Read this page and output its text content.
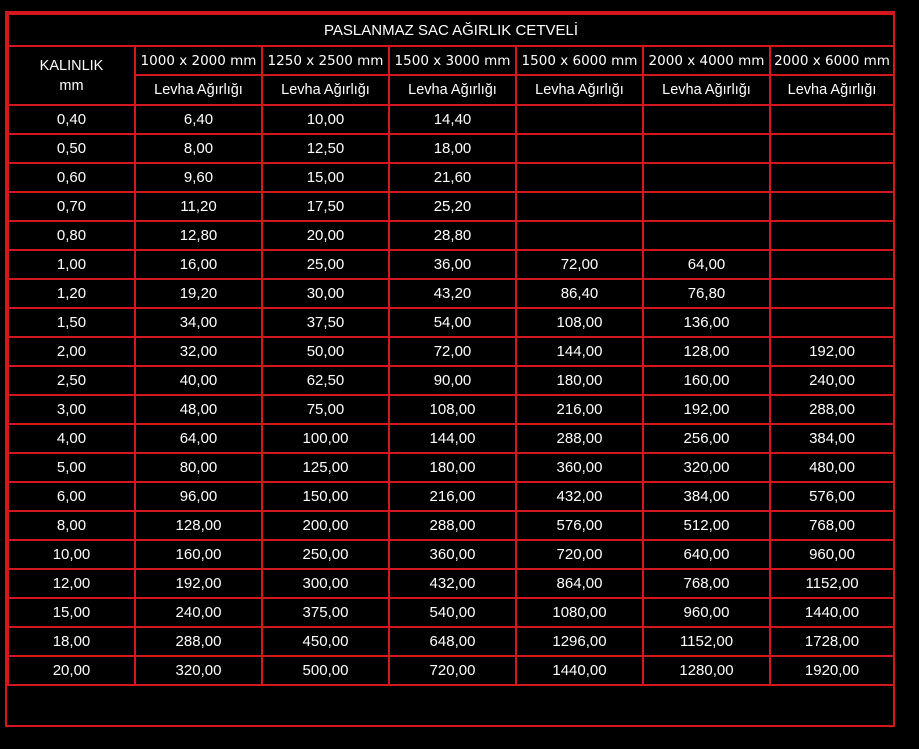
PASLANMAZ SAC AĞIRLIK CETVELİ						
KALINLIK
mm	1000 x 2000 mm	1250 x 2500 mm	1500 x 3000 mm	1500 x 6000 mm	2000 x 4000 mm	2000 x 6000 mm
	Levha Ağırlığı	Levha Ağırlığı	Levha Ağırlığı	Levha Ağırlığı	Levha Ağırlığı	Levha Ağırlığı
0,40	6,40	10,00	14,40			
0,50	8,00	12,50	18,00			
0,60	9,60	15,00	21,60			
0,70	11,20	17,50	25,20			
0,80	12,80	20,00	28,80			
1,00	16,00	25,00	36,00	72,00	64,00	
1,20	19,20	30,00	43,20	86,40	76,80	
1,50	34,00	37,50	54,00	108,00	136,00	
2,00	32,00	50,00	72,00	144,00	128,00	192,00
2,50	40,00	62,50	90,00	180,00	160,00	240,00
3,00	48,00	75,00	108,00	216,00	192,00	288,00
4,00	64,00	100,00	144,00	288,00	256,00	384,00
5,00	80,00	125,00	180,00	360,00	320,00	480,00
6,00	96,00	150,00	216,00	432,00	384,00	576,00
8,00	128,00	200,00	288,00	576,00	512,00	768,00
10,00	160,00	250,00	360,00	720,00	640,00	960,00
12,00	192,00	300,00	432,00	864,00	768,00	1152,00
15,00	240,00	375,00	540,00	1080,00	960,00	1440,00
18,00	288,00	450,00	648,00	1296,00	1152,00	1728,00
20,00	320,00	500,00	720,00	1440,00	1280,00	1920,00
